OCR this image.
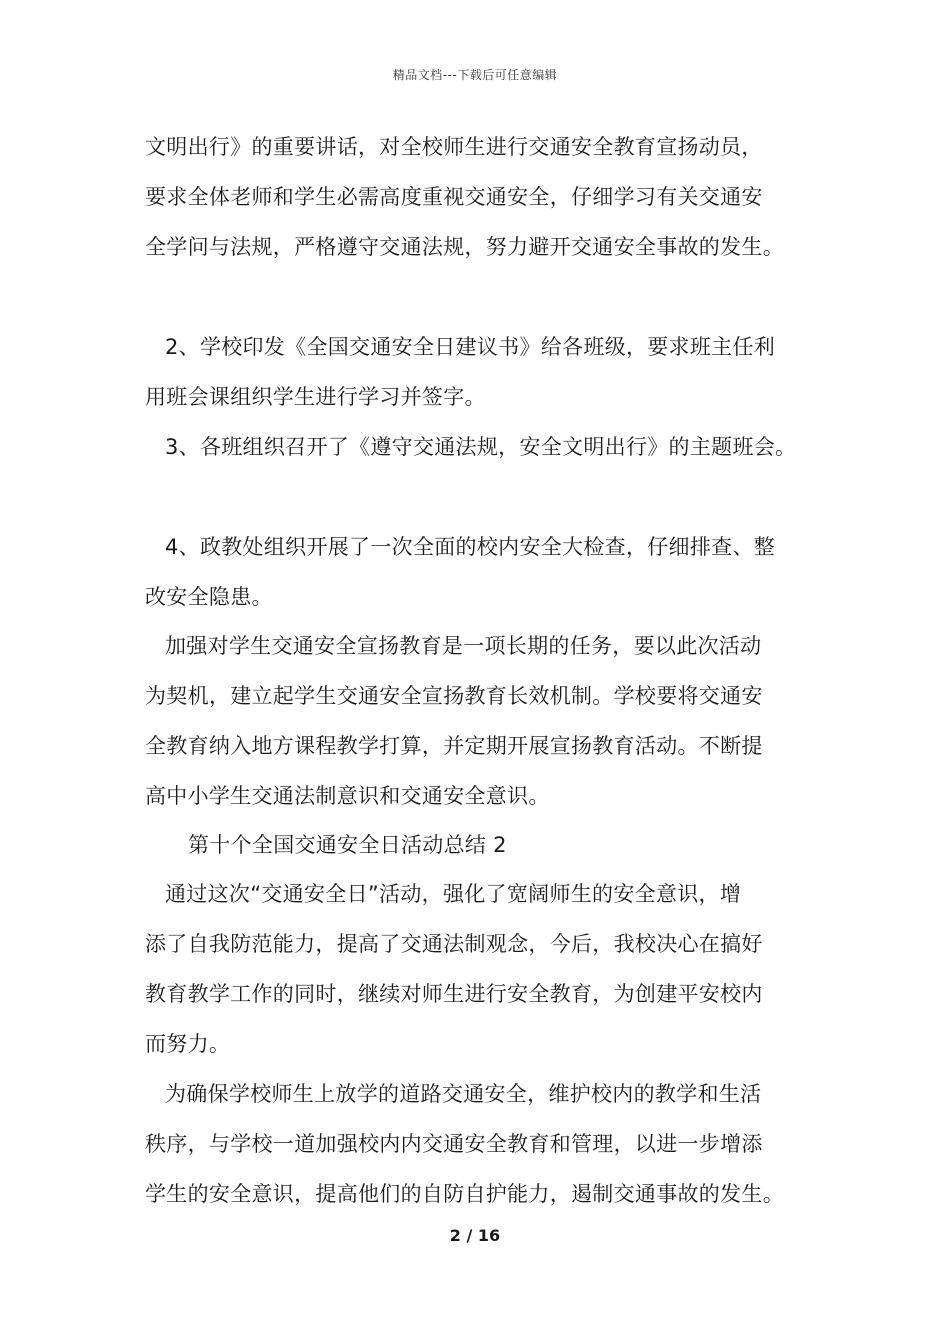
精品文档---下载后可任意编辑
文明出行》的重要讲话，对全校师生进行交通安全教育宣扬动员，
要求全体老师和学生必需高度重视交通安全，仔细学习有关交通安
全学问与法规，严格遵守交通法规，努力避开交通安全事故的发生。
2、学校印发《全国交通安全日建议书》给各班级，要求班主任利
用班会课组织学生进行学习并签字。
3、各班组织召开了《遵守交通法规，安全文明出行》的主题班会。
4、政教处组织开展了一次全面的校内安全大检查，仔细排查、整
改安全隐患。
加强对学生交通安全宣扬教育是一项长期的任务，要以此次活动
为契机，建立起学生交通安全宣扬教育长效机制。学校要将交通安
全教育纳入地方课程教学打算，并定期开展宣扬教育活动。不断提
高中小学生交通法制意识和交通安全意识。
第十个全国交通安全日活动总结 2
通过这次“交通安全日”活动，强化了宽阔师生的安全意识，增
添了自我防范能力，提高了交通法制观念，今后，我校决心在搞好
教育教学工作的同时，继续对师生进行安全教育，为创建平安校内
而努力。
为确保学校师生上放学的道路交通安全，维护校内的教学和生活
秩序，与学校一道加强校内内交通安全教育和管理，以进一步增添
学生的安全意识，提高他们的自防自护能力，遏制交通事故的发生。
2 / 16
